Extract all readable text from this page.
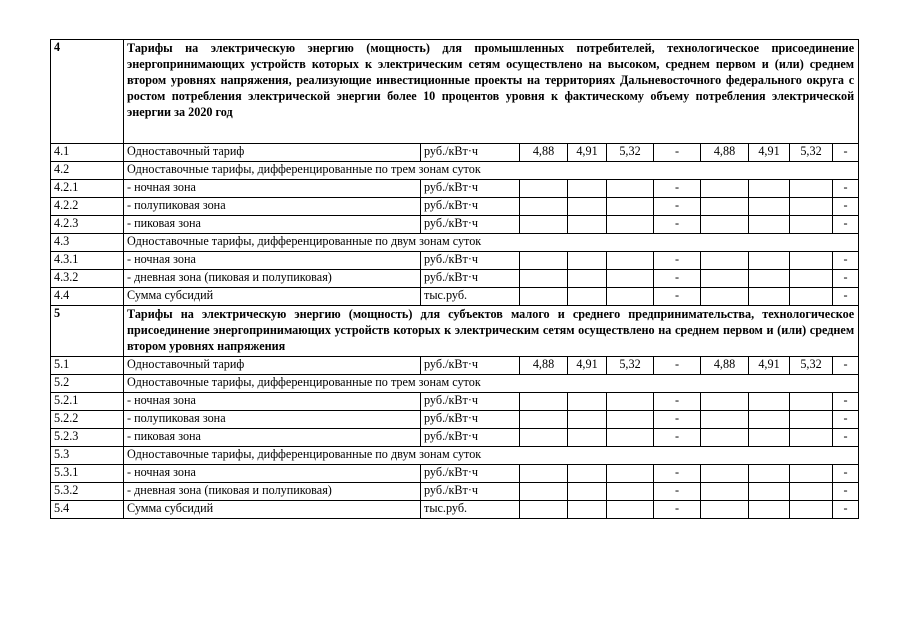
4	Тарифы на электрическую энергию (мощность) для промышленных потребителей, технологическое присоединение энергопринимающих устройств которых к электрическим сетям осуществлено на высоком, среднем первом и (или) среднем втором уровнях напряжения, реализующие инвестиционные проекты на территориях Дальневосточного федерального округа с ростом потребления электрической энергии более 10 процентов уровня к фактическому объему потребления электрической энергии за 2020 год									
4.1	Одноставочный тариф	руб./кВт·ч	4,88	4,91	5,32	-	4,88	4,91	5,32	-
4.2	Одноставочные тарифы, дифференцированные по трем зонам суток									
4.2.1	- ночная зона	руб./кВт·ч				-				-
4.2.2	- полупиковая зона	руб./кВт·ч				-				-
4.2.3	- пиковая зона	руб./кВт·ч				-				-
4.3	Одноставочные тарифы, дифференцированные по двум зонам суток									
4.3.1	- ночная зона	руб./кВт·ч				-				-
4.3.2	- дневная зона (пиковая и полупиковая)	руб./кВт·ч				-				-
4.4	Сумма субсидий	тыс.руб.				-				-
5	Тарифы на электрическую энергию (мощность) для субъектов малого и среднего предпринимательства, технологическое присоединение энергопринимающих устройств которых к электрическим сетям осуществлено на среднем первом и (или) среднем втором уровнях напряжения									
5.1	Одноставочный тариф	руб./кВт·ч	4,88	4,91	5,32	-	4,88	4,91	5,32	-
5.2	Одноставочные тарифы, дифференцированные по трем зонам суток									
5.2.1	- ночная зона	руб./кВт·ч				-				-
5.2.2	- полупиковая зона	руб./кВт·ч				-				-
5.2.3	- пиковая зона	руб./кВт·ч				-				-
5.3	Одноставочные тарифы, дифференцированные по двум зонам суток									
5.3.1	- ночная зона	руб./кВт·ч				-				-
5.3.2	- дневная зона (пиковая и полупиковая)	руб./кВт·ч				-				-
5.4	Сумма субсидий	тыс.руб.				-				-
